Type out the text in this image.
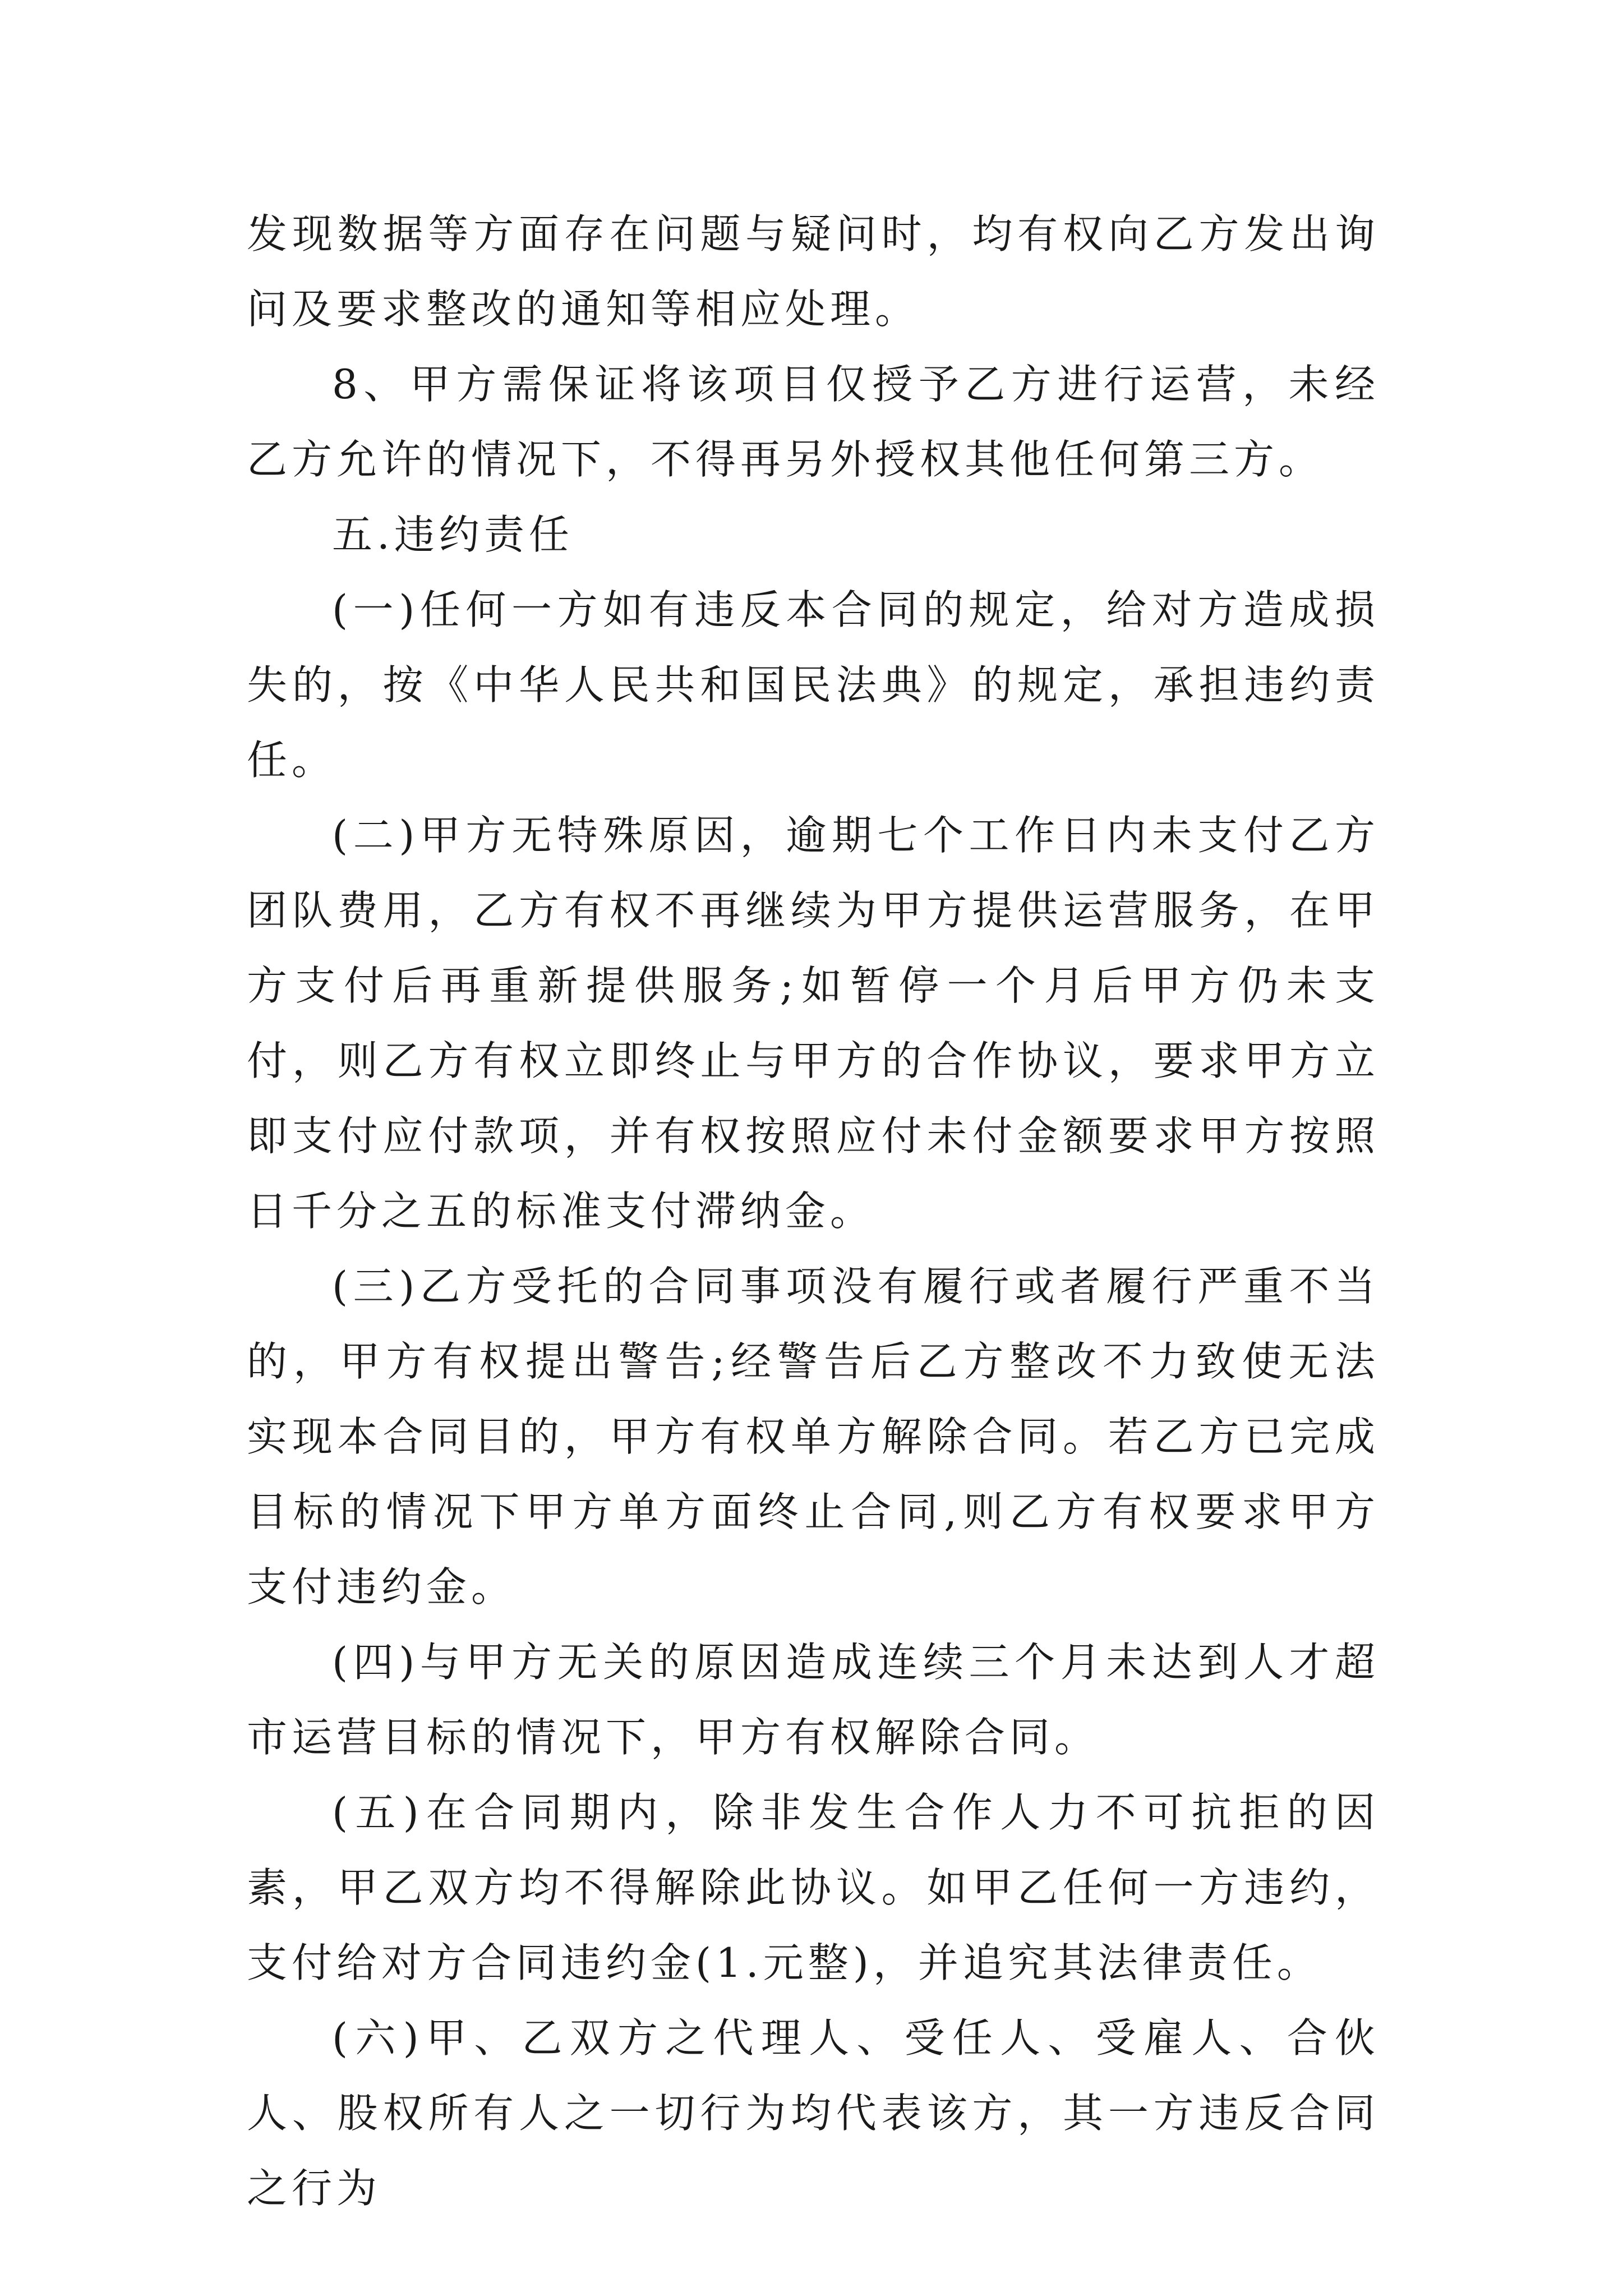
发现数据等方面存在问题与疑问时，均有权向乙方发出询问及要求整改的通知等相应处理。

8、甲方需保证将该项目仅授予乙方进行运营，未经乙方允许的情况下，不得再另外授权其他任何第三方。

五.违约责任

(一)任何一方如有违反本合同的规定，给对方造成损失的，按《中华人民共和国民法典》的规定，承担违约责任。

(二)甲方无特殊原因，逾期七个工作日内未支付乙方团队费用，乙方有权不再继续为甲方提供运营服务，在甲方支付后再重新提供服务;如暂停一个月后甲方仍未支付，则乙方有权立即终止与甲方的合作协议，要求甲方立即支付应付款项，并有权按照应付未付金额要求甲方按照日千分之五的标准支付滞纳金。

(三)乙方受托的合同事项没有履行或者履行严重不当的，甲方有权提出警告;经警告后乙方整改不力致使无法实现本合同目的，甲方有权单方解除合同。若乙方已完成目标的情况下甲方单方面终止合同,则乙方有权要求甲方支付违约金。

(四)与甲方无关的原因造成连续三个月未达到人才超市运营目标的情况下，甲方有权解除合同。

(五)在合同期内，除非发生合作人力不可抗拒的因素，甲乙双方均不得解除此协议。如甲乙任何一方违约，支付给对方合同违约金(1.元整)，并追究其法律责任。

(六)甲、乙双方之代理人、受任人、受雇人、合伙人、股权所有人之一切行为均代表该方，其一方违反合同之行为
